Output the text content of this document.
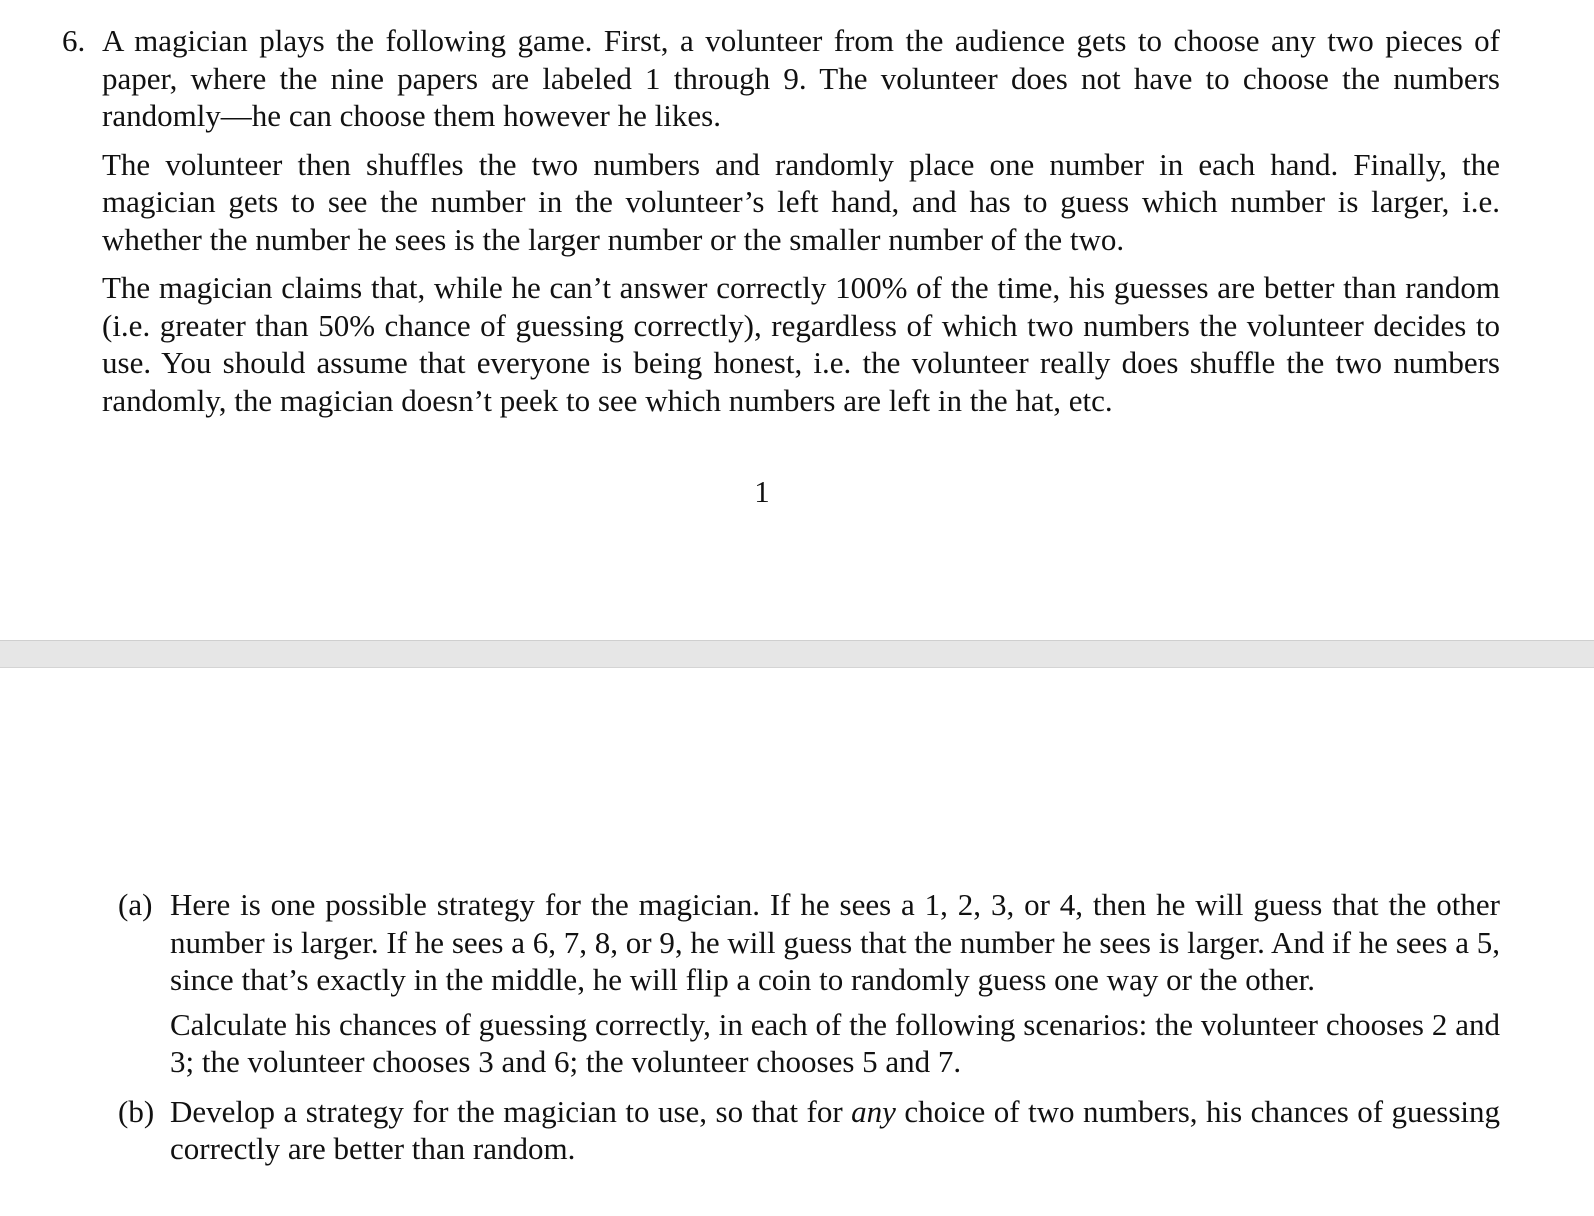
6. A magician plays the following game. First, a volunteer from the audience gets to choose any two pieces of paper, where the nine papers are labeled 1 through 9. The volunteer does not have to choose the numbers randomly—he can choose them however he likes.

The volunteer then shuffles the two numbers and randomly place one number in each hand. Finally, the magician gets to see the number in the volunteer’s left hand, and has to guess which number is larger, i.e. whether the number he sees is the larger number or the smaller number of the two.

The magician claims that, while he can’t answer correctly 100% of the time, his guesses are better than random (i.e. greater than 50% chance of guessing correctly), regardless of which two numbers the volunteer decides to use. You should assume that everyone is being honest, i.e. the volunteer really does shuffle the two numbers randomly, the magician doesn’t peek to see which numbers are left in the hat, etc.

1
(a) Here is one possible strategy for the magician. If he sees a 1, 2, 3, or 4, then he will guess that the other number is larger. If he sees a 6, 7, 8, or 9, he will guess that the number he sees is larger. And if he sees a 5, since that’s exactly in the middle, he will flip a coin to randomly guess one way or the other.

Calculate his chances of guessing correctly, in each of the following scenarios: the volunteer chooses 2 and 3; the volunteer chooses 3 and 6; the volunteer chooses 5 and 7.

(b) Develop a strategy for the magician to use, so that for any choice of two numbers, his chances of guessing correctly are better than random.
